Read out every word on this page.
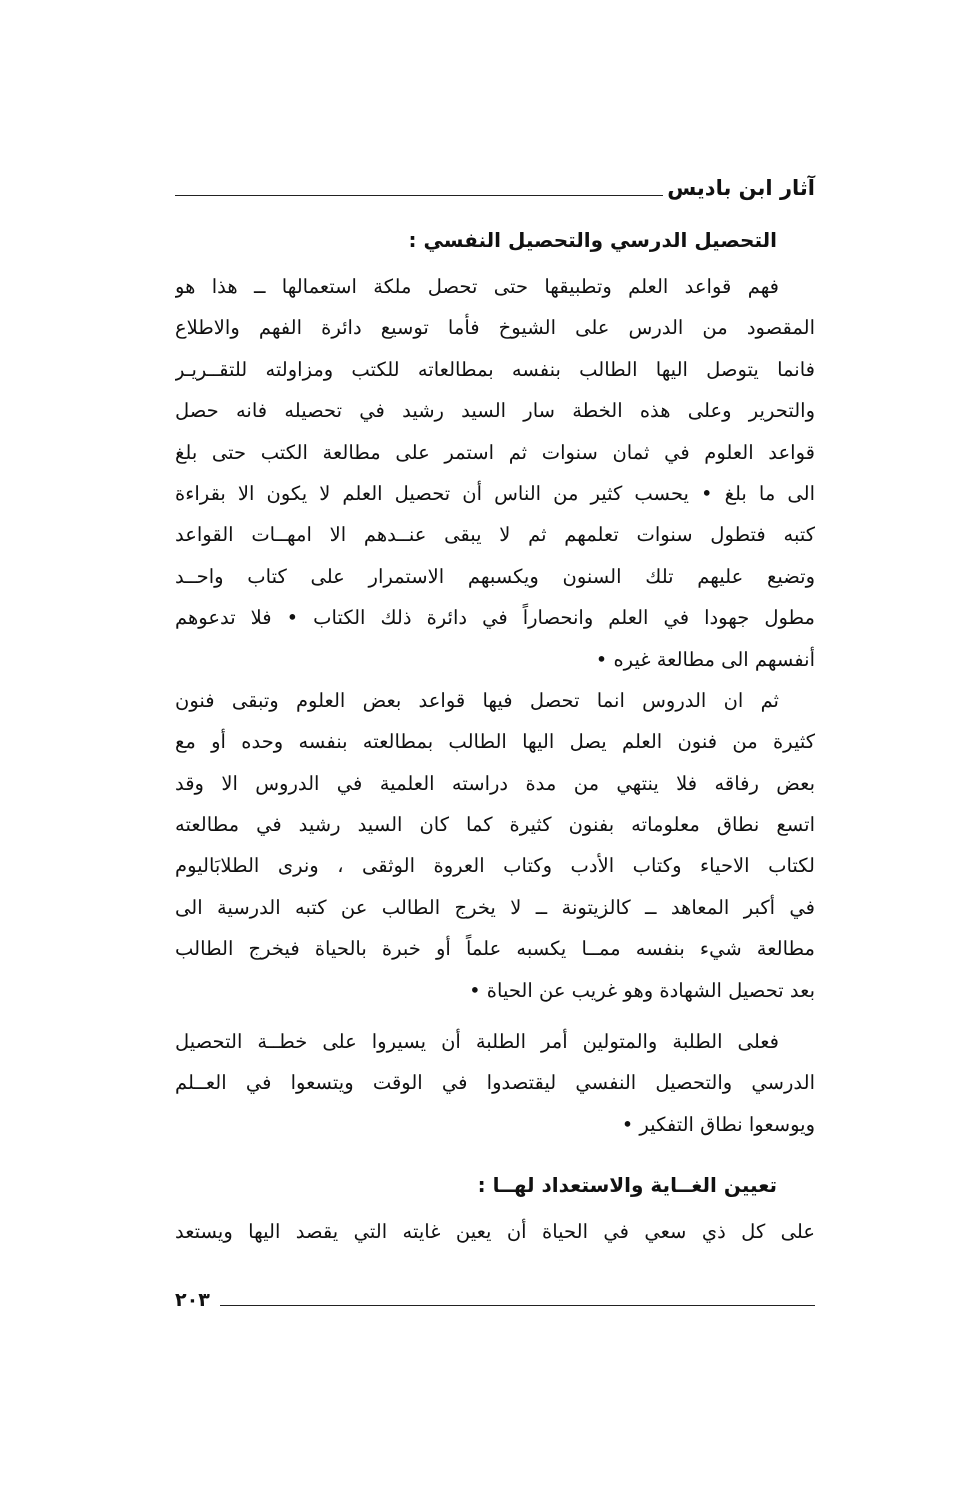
آثار ابن باديس
التحصيل الدرسي والتحصيل النفسي :
فهم قواعد العلم وتطبيقها حتى تحصل ملكة استعمالها ــ هذا هو
المقصود من الدرس على الشيوخ فأما توسيع دائرة الفهم والاطلاع
فانما يتوصل اليها الطالب بنفسه بمطالعاته للكتب ومزاولته للتقــريـر
والتحرير وعلى هذه الخطة سار السيد رشيد في تحصيله فانه حصل
قواعد العلوم في ثمان سنوات ثم استمر على مطالعة الكتب حتى بلغ
الى ما بلغ • يحسب كثير من الناس أن تحصيل العلم لا يكون الا بقراءة
كتبه فتطول سنوات تعلمهم ثم لا يبقى عنــدهم الا امهــات القواعد
وتضيع عليهم تلك السنون ويكسبهم الاستمرار على كتاب واحــد
مطول جهودا في العلم وانحصاراً في دائرة ذلك الكتاب • فلا تدعوهم
أنفسهم الى مطالعة غيره •
ثم ان الدروس انما تحصل فيها قواعد بعض العلوم وتبقى فنون
كثيرة من فنون العلم يصل اليها الطالب بمطالعته بنفسه وحده أو مع
بعض رفاقه فلا ينتهي من مدة دراسته العلمية في الدروس الا وقد
اتسع نطاق معلوماته بفنون كثيرة كما كان السيد رشيد في مطالعته
لكتاب الاحياء وكتاب الأدب وكتاب العروة الوثقى ، ونرى الطلابَاليوم
في أكبر المعاهد ــ كالزيتونة ــ لا يخرج الطالب عن كتبه الدرسية الى
مطالعة شيء بنفسه ممــا يكسبه علماً أو خبرة بالحياة فيخرج الطالب
بعد تحصيل الشهادة وهو غريب عن الحياة •
فعلى الطلبة والمتولين أمر الطلبة أن يسيروا على خطــة التحصيل
الدرسي والتحصيل النفسي ليقتصدوا في الوقت ويتسعوا في العــلم
ويوسعوا نطاق التفكير •
تعيين الغــاية والاستعداد لهــا :
على كل ذي سعي في الحياة أن يعين غايته التي يقصد اليها ويستعد
٢٠٣
